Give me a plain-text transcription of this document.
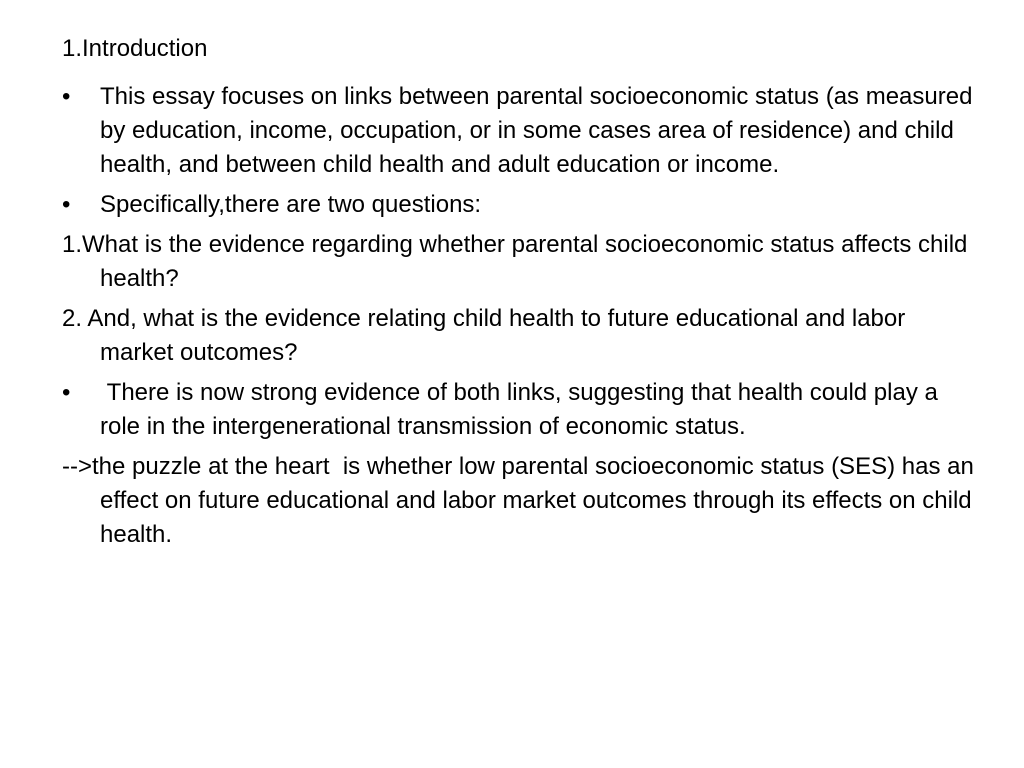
1.Introduction
•	This essay focuses on links between parental socioeconomic status (as measured by education, income, occupation, or in some cases area of residence) and child health, and between child health and adult education or income.
•	Specifically,there are two questions:
1.What is the evidence regarding whether parental socioeconomic status affects child health?
2. And, what is the evidence relating child health to future educational and labor market outcomes?
•	There is now strong evidence of both links, suggesting that health could play a role in the intergenerational transmission of economic status.
-->the puzzle at the heart  is whether low parental socioeconomic status (SES) has an effect on future educational and labor market outcomes through its effects on child health.
